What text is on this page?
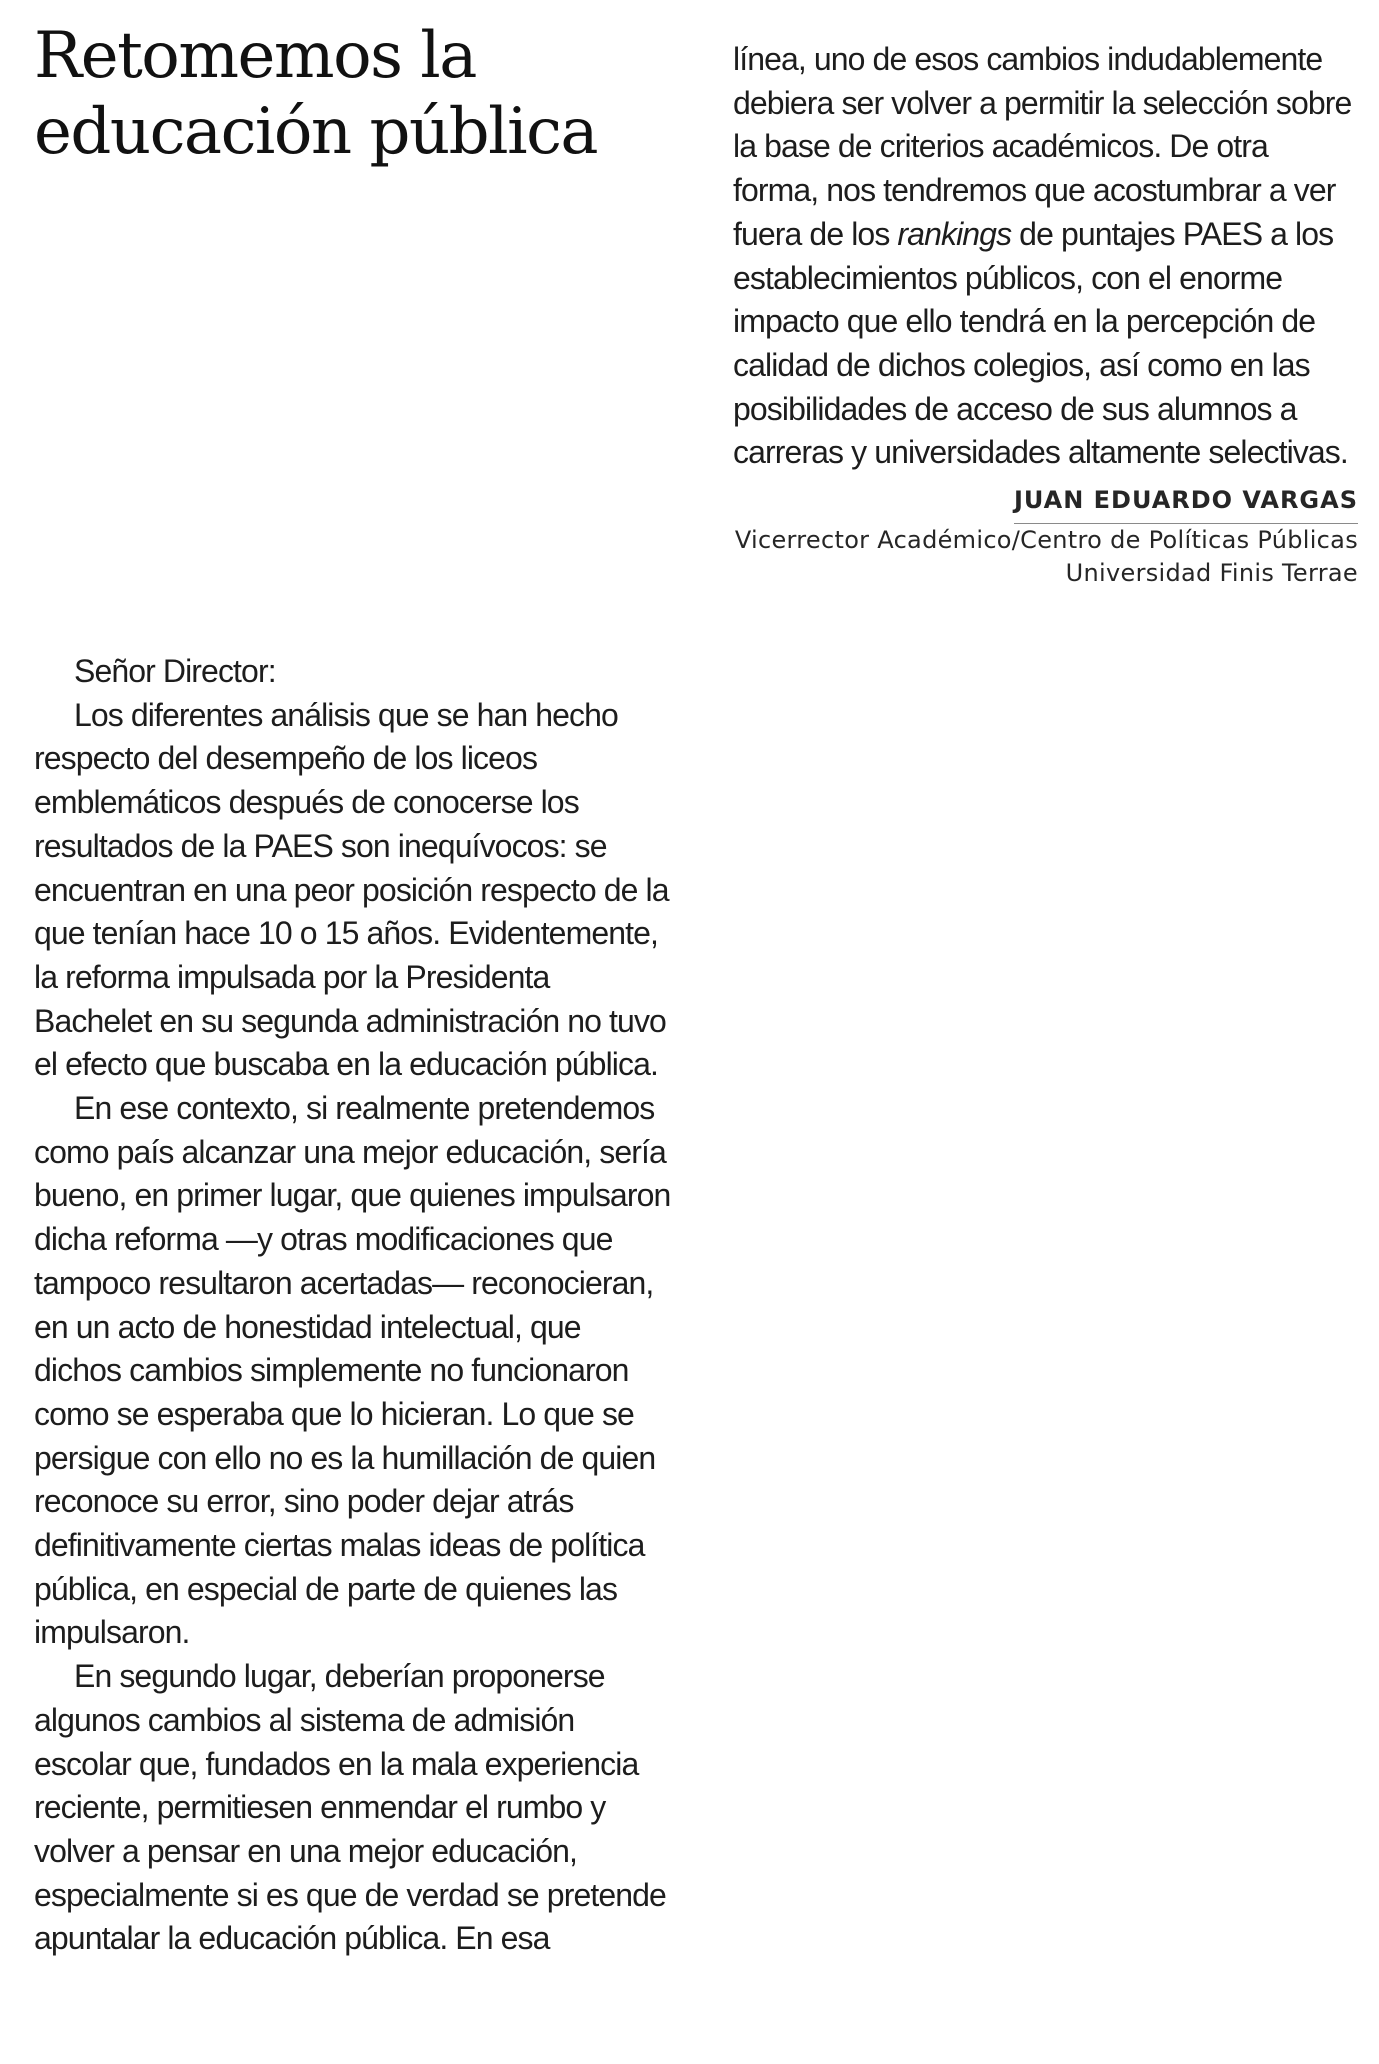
Retomemos la educación pública

línea, uno de esos cambios indudablemente debiera ser volver a permitir la selección sobre la base de criterios académicos. De otra forma, nos tendremos que acostumbrar a ver fuera de los rankings de puntajes PAES a los establecimientos públicos, con el enorme impacto que ello tendrá en la percepción de calidad de dichos colegios, así como en las posibilidades de acceso de sus alumnos a carreras y universidades altamente selectivas.

JUAN EDUARDO VARGAS
Vicerrector Académico/Centro de Políticas Públicas
Universidad Finis Terrae

Señor Director:

Los diferentes análisis que se han hecho respecto del desempeño de los liceos emblemáticos después de conocerse los resultados de la PAES son inequívocos: se encuentran en una peor posición respecto de la que tenían hace 10 o 15 años. Evidentemente, la reforma impulsada por la Presidenta Bachelet en su segunda administración no tuvo el efecto que buscaba en la educación pública.

En ese contexto, si realmente pretendemos como país alcanzar una mejor educación, sería bueno, en primer lugar, que quienes impulsaron dicha reforma —y otras modificaciones que tampoco resultaron acertadas— reconocieran, en un acto de honestidad intelectual, que dichos cambios simplemente no funcionaron como se esperaba que lo hicieran. Lo que se persigue con ello no es la humillación de quien reconoce su error, sino poder dejar atrás definitivamente ciertas malas ideas de política pública, en especial de parte de quienes las impulsaron.

En segundo lugar, deberían proponerse algunos cambios al sistema de admisión escolar que, fundados en la mala experiencia reciente, permitiesen enmendar el rumbo y volver a pensar en una mejor educación, especialmente si es que de verdad se pretende apuntalar la educación pública. En esa
